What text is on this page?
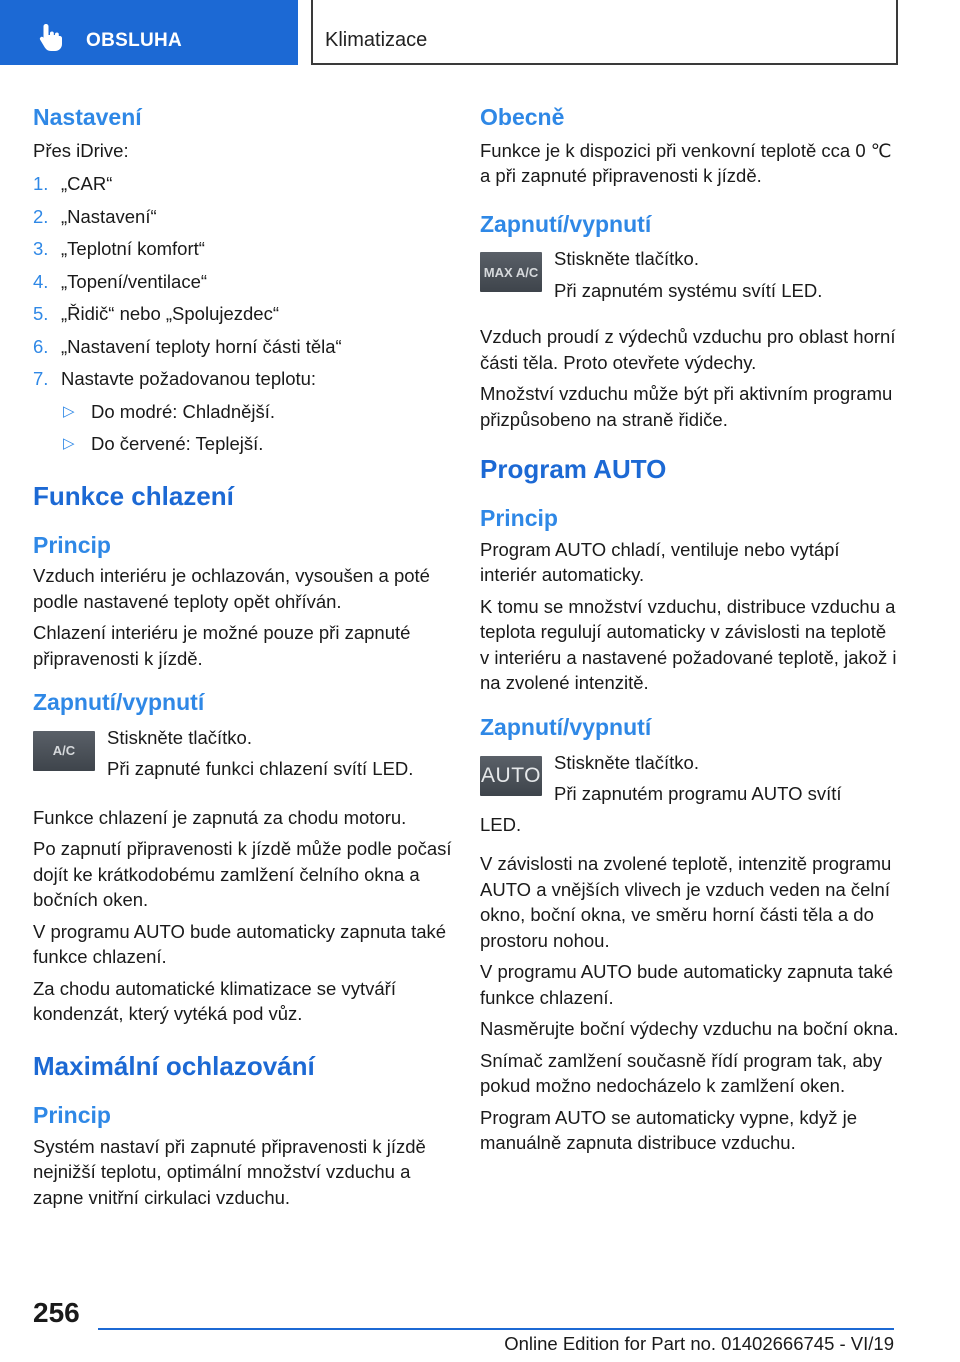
OBSLUHA	Klimatizace
Nastavení

Přes iDrive:

1. „CAR“
2. „Nastavení“
3. „Teplotní komfort“
4. „Topení/ventilace“
5. „Řidič“ nebo „Spolujezdec“
6. „Nastavení teploty horní části těla“
7. Nastavte požadovanou teplotu:
▷ Do modré: Chladnější.
▷ Do červené: Teplejší.
Funkce chlazení
Princip

Vzduch interiéru je ochlazován, vysoušen a poté podle nastavené teploty opět ohříván.

Chlazení interiéru je možné pouze při zapnuté připravenosti k jízdě.

Zapnutí/vypnutí
A/C

Stiskněte tlačítko.

Při zapnuté funkci chlazení svítí LED.

Funkce chlazení je zapnutá za chodu motoru.

Po zapnutí připravenosti k jízdě může podle počasí dojít ke krátkodobému zamlžení čelního okna a bočních oken.

V programu AUTO bude automaticky zapnuta také funkce chlazení.

Za chodu automatické klimatizace se vytváří kondenzát, který vytéká pod vůz.

Maximální ochlazování
Princip

Systém nastaví při zapnuté připravenosti k jízdě nejnižší teplotu, optimální množství vzduchu a zapne vnitřní cirkulaci vzduchu.

Obecně

Funkce je k dispozici při venkovní teplotě cca 0 ℃ a při zapnuté připravenosti k jízdě.

Zapnutí/vypnutí
MAX A/C

Stiskněte tlačítko.

Při zapnutém systému svítí LED.

Vzduch proudí z výdechů vzduchu pro oblast horní části těla. Proto otevřete výdechy.

Množství vzduchu může být při aktivním programu přizpůsobeno na straně řidiče.

Program AUTO
Princip

Program AUTO chladí, ventiluje nebo vytápí interiér automaticky.

K tomu se množství vzduchu, distribuce vzduchu a teplota regulují automaticky v závislosti na teplotě v interiéru a nastavené požadované teplotě, jakož i na zvolené intenzitě.

Zapnutí/vypnutí
AUTO

Stiskněte tlačítko.

Při zapnutém programu AUTO svítí

LED.

V závislosti na zvolené teplotě, intenzitě programu AUTO a vnějších vlivech je vzduch veden na čelní okno, boční okna, ve směru horní části těla a do prostoru nohou.

V programu AUTO bude automaticky zapnuta také funkce chlazení.

Nasměrujte boční výdechy vzduchu na boční okna.

Snímač zamlžení současně řídí program tak, aby pokud možno nedocházelo k zamlžení oken.

Program AUTO se automaticky vypne, když je manuálně zapnuta distribuce vzduchu.

256
Online Edition for Part no. 01402666745 - VI/19
